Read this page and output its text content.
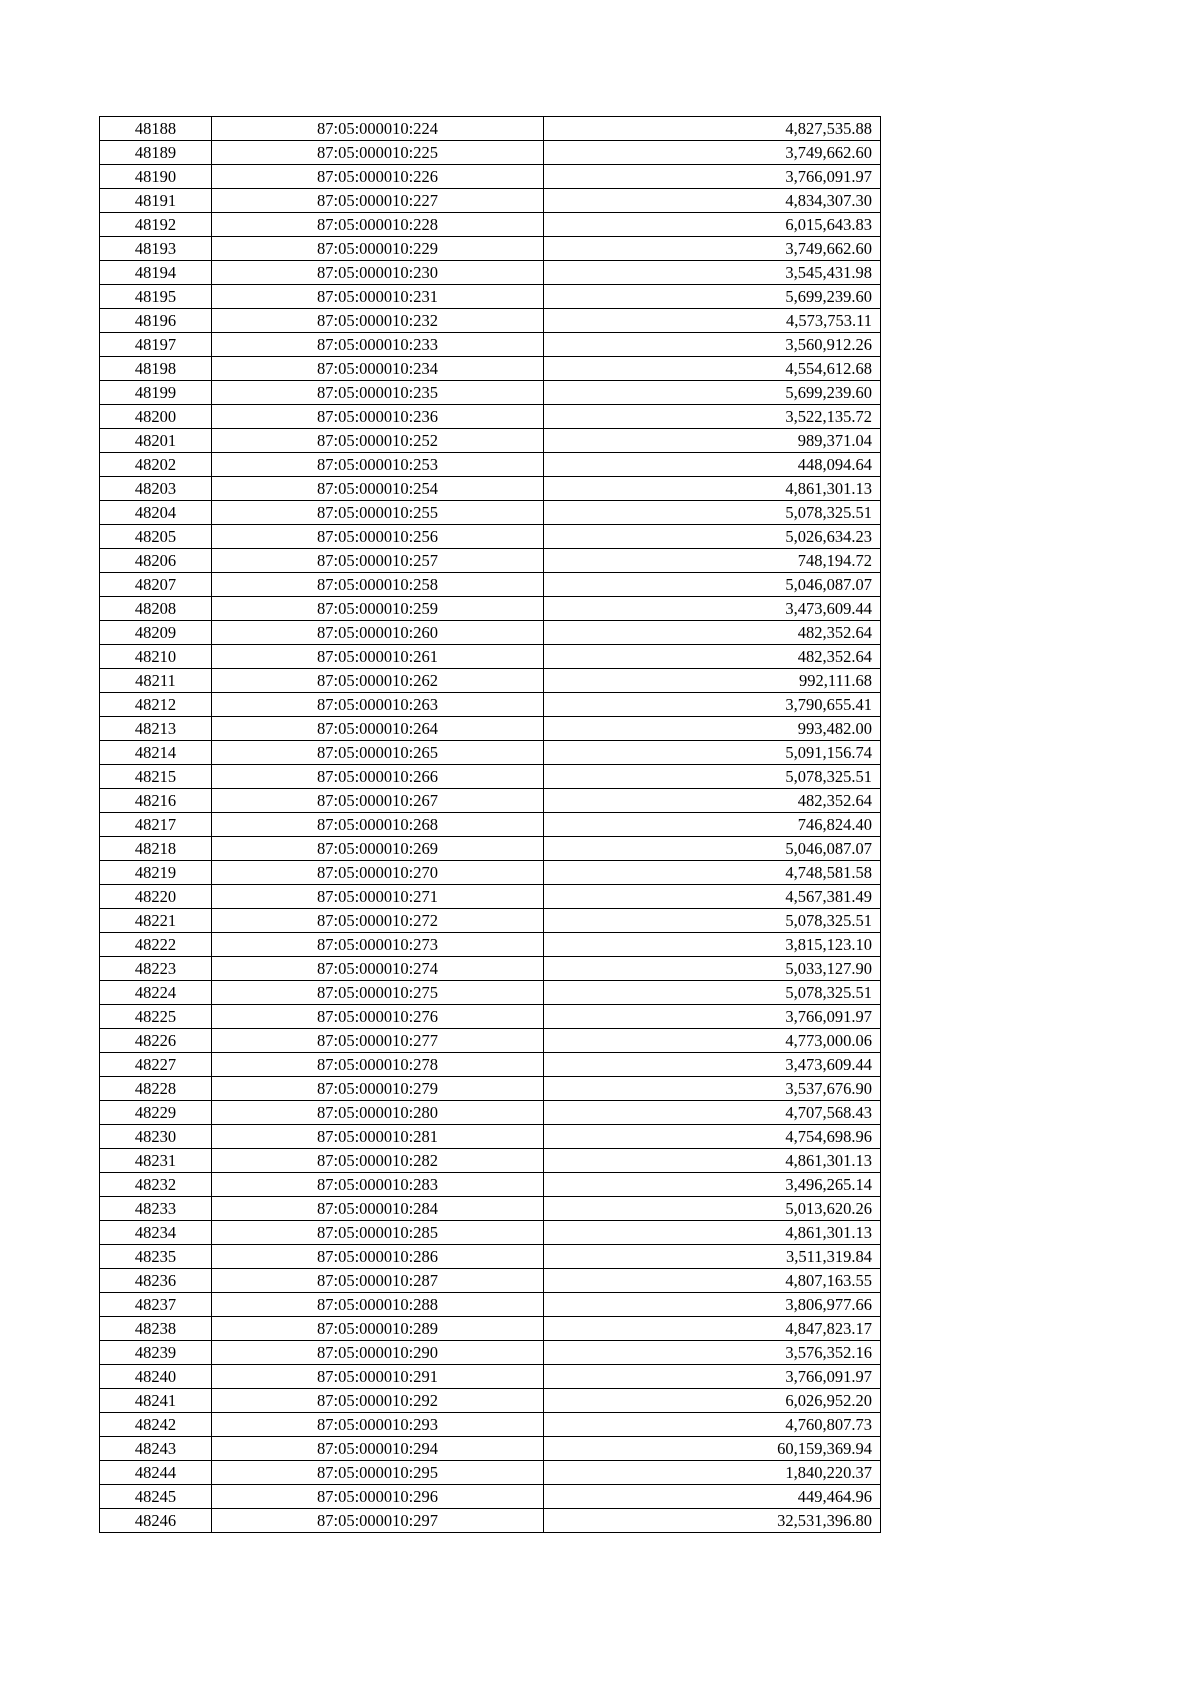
48188	87:05:000010:224	4,827,535.88
48189	87:05:000010:225	3,749,662.60
48190	87:05:000010:226	3,766,091.97
48191	87:05:000010:227	4,834,307.30
48192	87:05:000010:228	6,015,643.83
48193	87:05:000010:229	3,749,662.60
48194	87:05:000010:230	3,545,431.98
48195	87:05:000010:231	5,699,239.60
48196	87:05:000010:232	4,573,753.11
48197	87:05:000010:233	3,560,912.26
48198	87:05:000010:234	4,554,612.68
48199	87:05:000010:235	5,699,239.60
48200	87:05:000010:236	3,522,135.72
48201	87:05:000010:252	989,371.04
48202	87:05:000010:253	448,094.64
48203	87:05:000010:254	4,861,301.13
48204	87:05:000010:255	5,078,325.51
48205	87:05:000010:256	5,026,634.23
48206	87:05:000010:257	748,194.72
48207	87:05:000010:258	5,046,087.07
48208	87:05:000010:259	3,473,609.44
48209	87:05:000010:260	482,352.64
48210	87:05:000010:261	482,352.64
48211	87:05:000010:262	992,111.68
48212	87:05:000010:263	3,790,655.41
48213	87:05:000010:264	993,482.00
48214	87:05:000010:265	5,091,156.74
48215	87:05:000010:266	5,078,325.51
48216	87:05:000010:267	482,352.64
48217	87:05:000010:268	746,824.40
48218	87:05:000010:269	5,046,087.07
48219	87:05:000010:270	4,748,581.58
48220	87:05:000010:271	4,567,381.49
48221	87:05:000010:272	5,078,325.51
48222	87:05:000010:273	3,815,123.10
48223	87:05:000010:274	5,033,127.90
48224	87:05:000010:275	5,078,325.51
48225	87:05:000010:276	3,766,091.97
48226	87:05:000010:277	4,773,000.06
48227	87:05:000010:278	3,473,609.44
48228	87:05:000010:279	3,537,676.90
48229	87:05:000010:280	4,707,568.43
48230	87:05:000010:281	4,754,698.96
48231	87:05:000010:282	4,861,301.13
48232	87:05:000010:283	3,496,265.14
48233	87:05:000010:284	5,013,620.26
48234	87:05:000010:285	4,861,301.13
48235	87:05:000010:286	3,511,319.84
48236	87:05:000010:287	4,807,163.55
48237	87:05:000010:288	3,806,977.66
48238	87:05:000010:289	4,847,823.17
48239	87:05:000010:290	3,576,352.16
48240	87:05:000010:291	3,766,091.97
48241	87:05:000010:292	6,026,952.20
48242	87:05:000010:293	4,760,807.73
48243	87:05:000010:294	60,159,369.94
48244	87:05:000010:295	1,840,220.37
48245	87:05:000010:296	449,464.96
48246	87:05:000010:297	32,531,396.80
